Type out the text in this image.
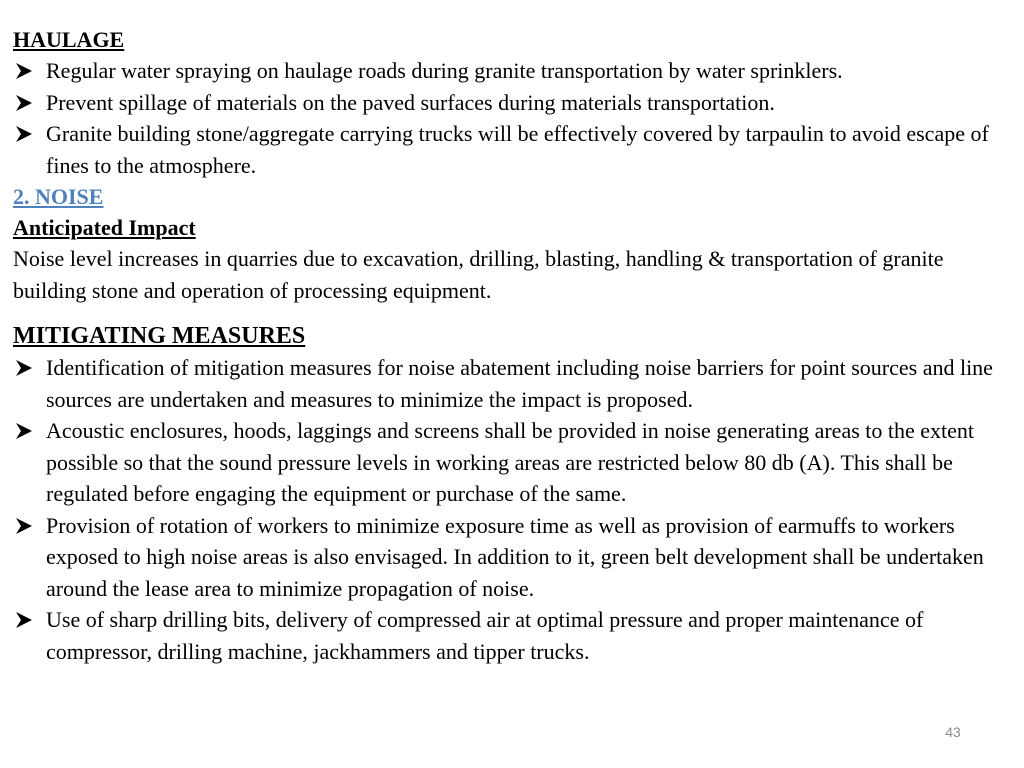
HAULAGE

Regular water spraying on haulage roads during granite transportation by water sprinklers.
Prevent spillage of materials on the paved surfaces during materials transportation.
Granite building stone/aggregate carrying trucks will be effectively covered by tarpaulin to avoid escape of fines to the atmosphere.

2. NOISE

Anticipated Impact

Noise level increases in quarries due to excavation, drilling, blasting, handling & transportation of granite building stone and operation of processing equipment.

MITIGATING MEASURES

Identification of mitigation measures for noise abatement including noise barriers for point sources and line sources are undertaken and measures to minimize the impact is proposed.
Acoustic enclosures, hoods, laggings and screens shall be provided in noise generating areas to the extent possible so that the sound pressure levels in working areas are restricted below 80 db (A). This shall be regulated before engaging the equipment or purchase of the same.
Provision of rotation of workers to minimize exposure time as well as provision of earmuffs to workers exposed to high noise areas is also envisaged. In addition to it, green belt development shall be undertaken around the lease area to minimize propagation of noise.
Use of sharp drilling bits, delivery of compressed air at optimal pressure and proper maintenance of compressor, drilling machine, jackhammers and tipper trucks.
43
